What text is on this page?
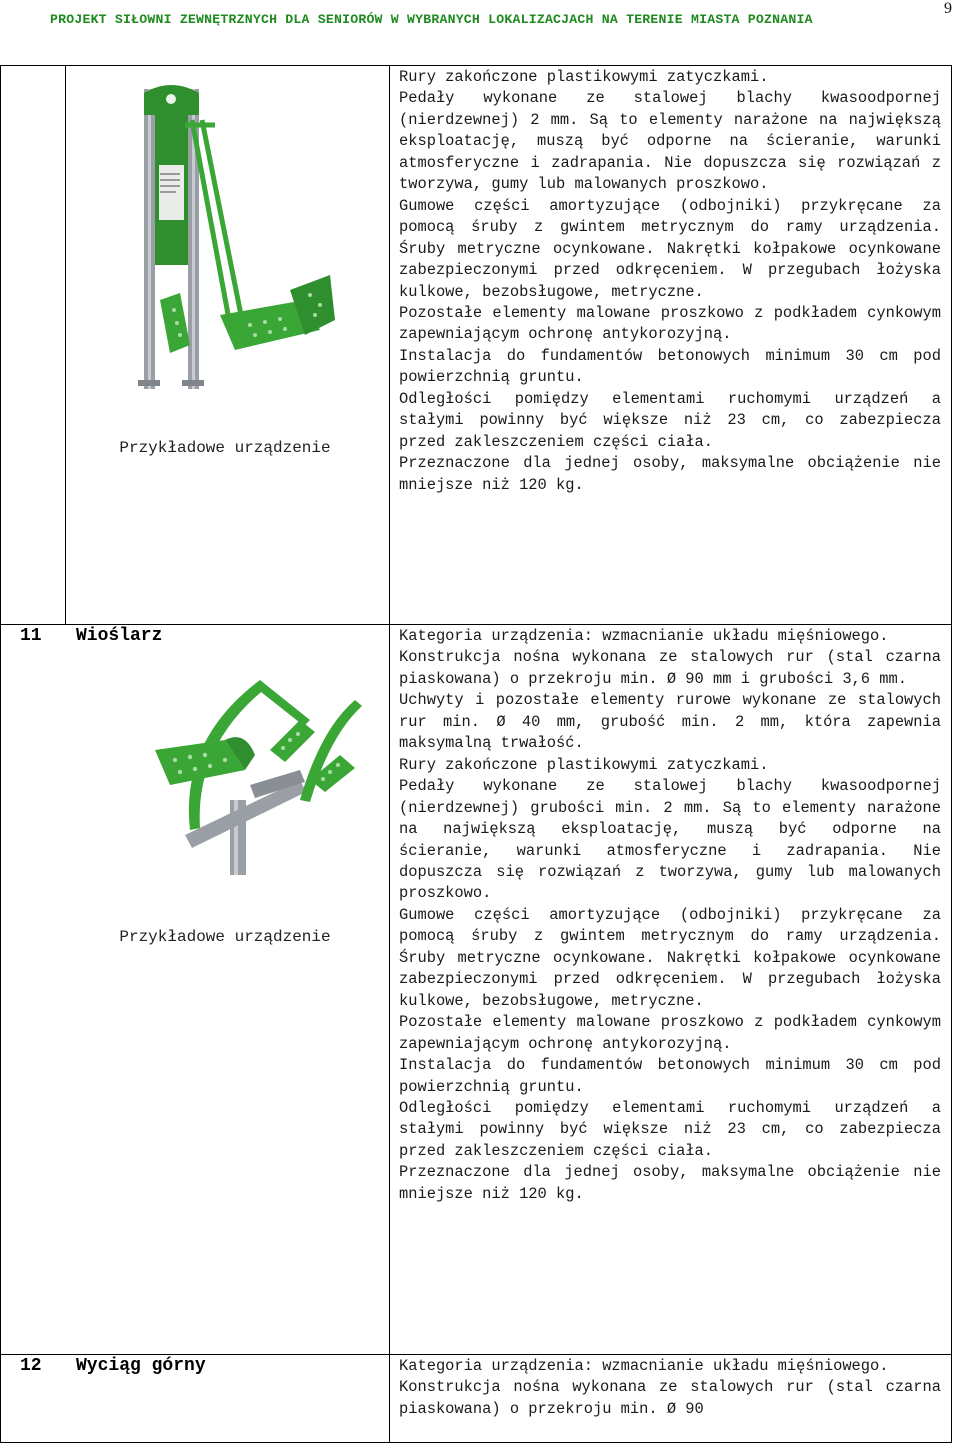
PROJEKT SIŁOWNI ZEWNĘTRZNYCH DLA SENIORÓW W WYBRANYCH LOKALIZACJACH NA TERENIE MIASTA POZNANIA
9
Przykładowe urządzenie

Rury zakończone plastikowymi zatyczkami.

Pedały wykonane ze stalowej blachy kwasoodpornej (nierdzewnej) 2 mm. Są to elementy narażone na największą eksploatację, muszą być odporne na ścieranie, warunki atmosferyczne i zadrapania. Nie dopuszcza się rozwiązań z tworzywa, gumy lub malowanych proszkowo.

Gumowe części amortyzujące (odbojniki) przykręcane za pomocą śruby z gwintem metrycznym do ramy urządzenia. Śruby metryczne ocynkowane. Nakrętki kołpakowe ocynkowane zabezpieczonymi przed odkręceniem. W przegubach łożyska kulkowe, bezobsługowe, metryczne.

Pozostałe elementy malowane proszkowo z podkładem cynkowym zapewniającym ochronę antykorozyjną.

Instalacja do fundamentów betonowych minimum 30 cm pod powierzchnią gruntu.

Odległości pomiędzy elementami ruchomymi urządzeń a stałymi powinny być większe niż 23 cm, co zabezpiecza przed zakleszczeniem części ciała.

Przeznaczone dla jednej osoby, maksymalne obciążenie nie mniejsze niż 120 kg.

11 Wioślarz
Przykładowe urządzenie

Kategoria urządzenia: wzmacnianie układu mięśniowego.

Konstrukcja nośna wykonana ze stalowych rur (stal czarna piaskowana) o przekroju min. Ø 90 mm i grubości 3,6 mm.

Uchwyty i pozostałe elementy rurowe wykonane ze stalowych rur min. Ø 40 mm, grubość min. 2 mm, która zapewnia maksymalną trwałość.

Rury zakończone plastikowymi zatyczkami.

Pedały wykonane ze stalowej blachy kwasoodpornej (nierdzewnej) grubości min. 2 mm. Są to elementy narażone na największą eksploatację, muszą być odporne na ścieranie, warunki atmosferyczne i zadrapania. Nie dopuszcza się rozwiązań z tworzywa, gumy lub malowanych proszkowo.

Gumowe części amortyzujące (odbojniki) przykręcane za pomocą śruby z gwintem metrycznym do ramy urządzenia. Śruby metryczne ocynkowane. Nakrętki kołpakowe ocynkowane zabezpieczonymi przed odkręceniem. W przegubach łożyska kulkowe, bezobsługowe, metryczne.

Pozostałe elementy malowane proszkowo z podkładem cynkowym zapewniającym ochronę antykorozyjną.

Instalacja do fundamentów betonowych minimum 30 cm pod powierzchnią gruntu.

Odległości pomiędzy elementami ruchomymi urządzeń a stałymi powinny być większe niż 23 cm, co zabezpiecza przed zakleszczeniem części ciała.

Przeznaczone dla jednej osoby, maksymalne obciążenie nie mniejsze niż 120 kg.

12 Wyciąg górny	Kategoria urządzenia: wzmacnianie układu mięśniowego.

Konstrukcja nośna wykonana ze stalowych rur (stal czarna piaskowana) o przekroju min. Ø 90
